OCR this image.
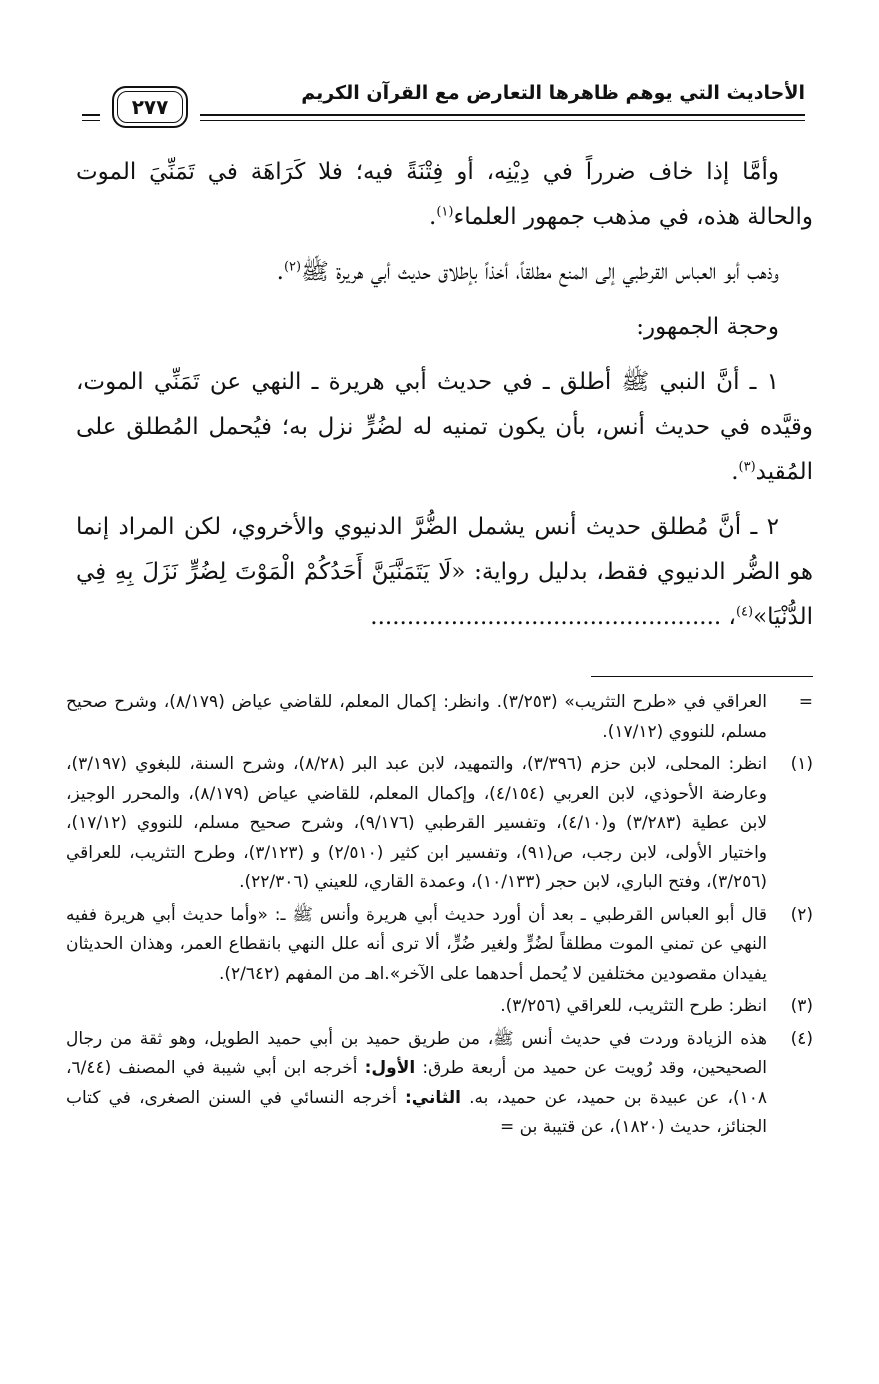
الأحاديث التي يوهم ظاهرها التعارض مع القرآن الكريم
٢٧٧

وأمَّا إذا خاف ضرراً في دِيْنِه، أو فِتْنَةً فيه؛ فلا كَرَاهَة في تَمَنِّيَ الموت والحالة هذه، في مذهب جمهور العلماء$^{(١)}$.

وذهب أبو العباس القرطبي إلى المنع مطلقاً، أخذاً بإطلاق حديث أبي هريرة ﷺ$^{(٢)}$.

وحجة الجمهور:

١ ـ أنَّ النبي ﷺ أطلق ـ في حديث أبي هريرة ـ النهي عن تَمَنِّي الموت، وقيَّده في حديث أنس، بأن يكون تمنيه له لضُرٍّ نزل به؛ فيُحمل المُطلق على المُقيد$^{(٣)}$.

٢ ـ أنَّ مُطلق حديث أنس يشمل الضُّرَّ الدنيوي والأخروي، لكن المراد إنما هو الضُّر الدنيوي فقط، بدليل رواية: «لَا يَتَمَنَّيَنَّ أَحَدُكُمْ الْمَوْتَ لِضُرٍّ نَزَلَ بِهِ فِي الدُّنْيَا»$^{(٤)}$، ................................................

=
العراقي في «طرح التثريب» (٣/٢٥٣). وانظر: إكمال المعلم، للقاضي عياض (٨/١٧٩)، وشرح صحيح مسلم، للنووي (١٧/١٢).
(١)
انظر: المحلى، لابن حزم (٣/٣٩٦)، والتمهيد، لابن عبد البر (٨/٢٨)، وشرح السنة، للبغوي (٣/١٩٧)، وعارضة الأحوذي، لابن العربي (٤/١٥٤)، وإكمال المعلم، للقاضي عياض (٨/١٧٩)، والمحرر الوجيز، لابن عطية (٣/٢٨٣) و(٤/١٠)، وتفسير القرطبي (٩/١٧٦)، وشرح صحيح مسلم، للنووي (١٧/١٢)، واختيار الأولى، لابن رجب، ص(٩١)، وتفسير ابن كثير (٢/٥١٠) و (٣/١٢٣)، وطرح التثريب، للعراقي (٣/٢٥٦)، وفتح الباري، لابن حجر (١٠/١٣٣)، وعمدة القاري، للعيني (٢٢/٣٠٦).
(٢)
قال أبو العباس القرطبي ـ بعد أن أورد حديث أبي هريرة وأنس ﷺ ـ: «وأما حديث أبي هريرة ففيه النهي عن تمني الموت مطلقاً لضُرٍّ ولغير ضُرٍّ، ألا ترى أنه علل النهي بانقطاع العمر، وهذان الحديثان يفيدان مقصودين مختلفين لا يُحمل أحدهما على الآخر».اهـ من المفهم (٢/٦٤٢).
(٣)
انظر: طرح التثريب، للعراقي (٣/٢٥٦).
(٤)
هذه الزيادة وردت في حديث أنس ﷺ، من طريق حميد بن أبي حميد الطويل، وهو ثقة من رجال الصحيحين، وقد رُويت عن حميد من أربعة طرق: الأول: أخرجه ابن أبي شيبة في المصنف (٦/٤٤، ١٠٨)، عن عبيدة بن حميد، عن حميد، به. الثاني: أخرجه النسائي في السنن الصغرى، في كتاب الجنائز، حديث (١٨٢٠)، عن قتيبة بن =
